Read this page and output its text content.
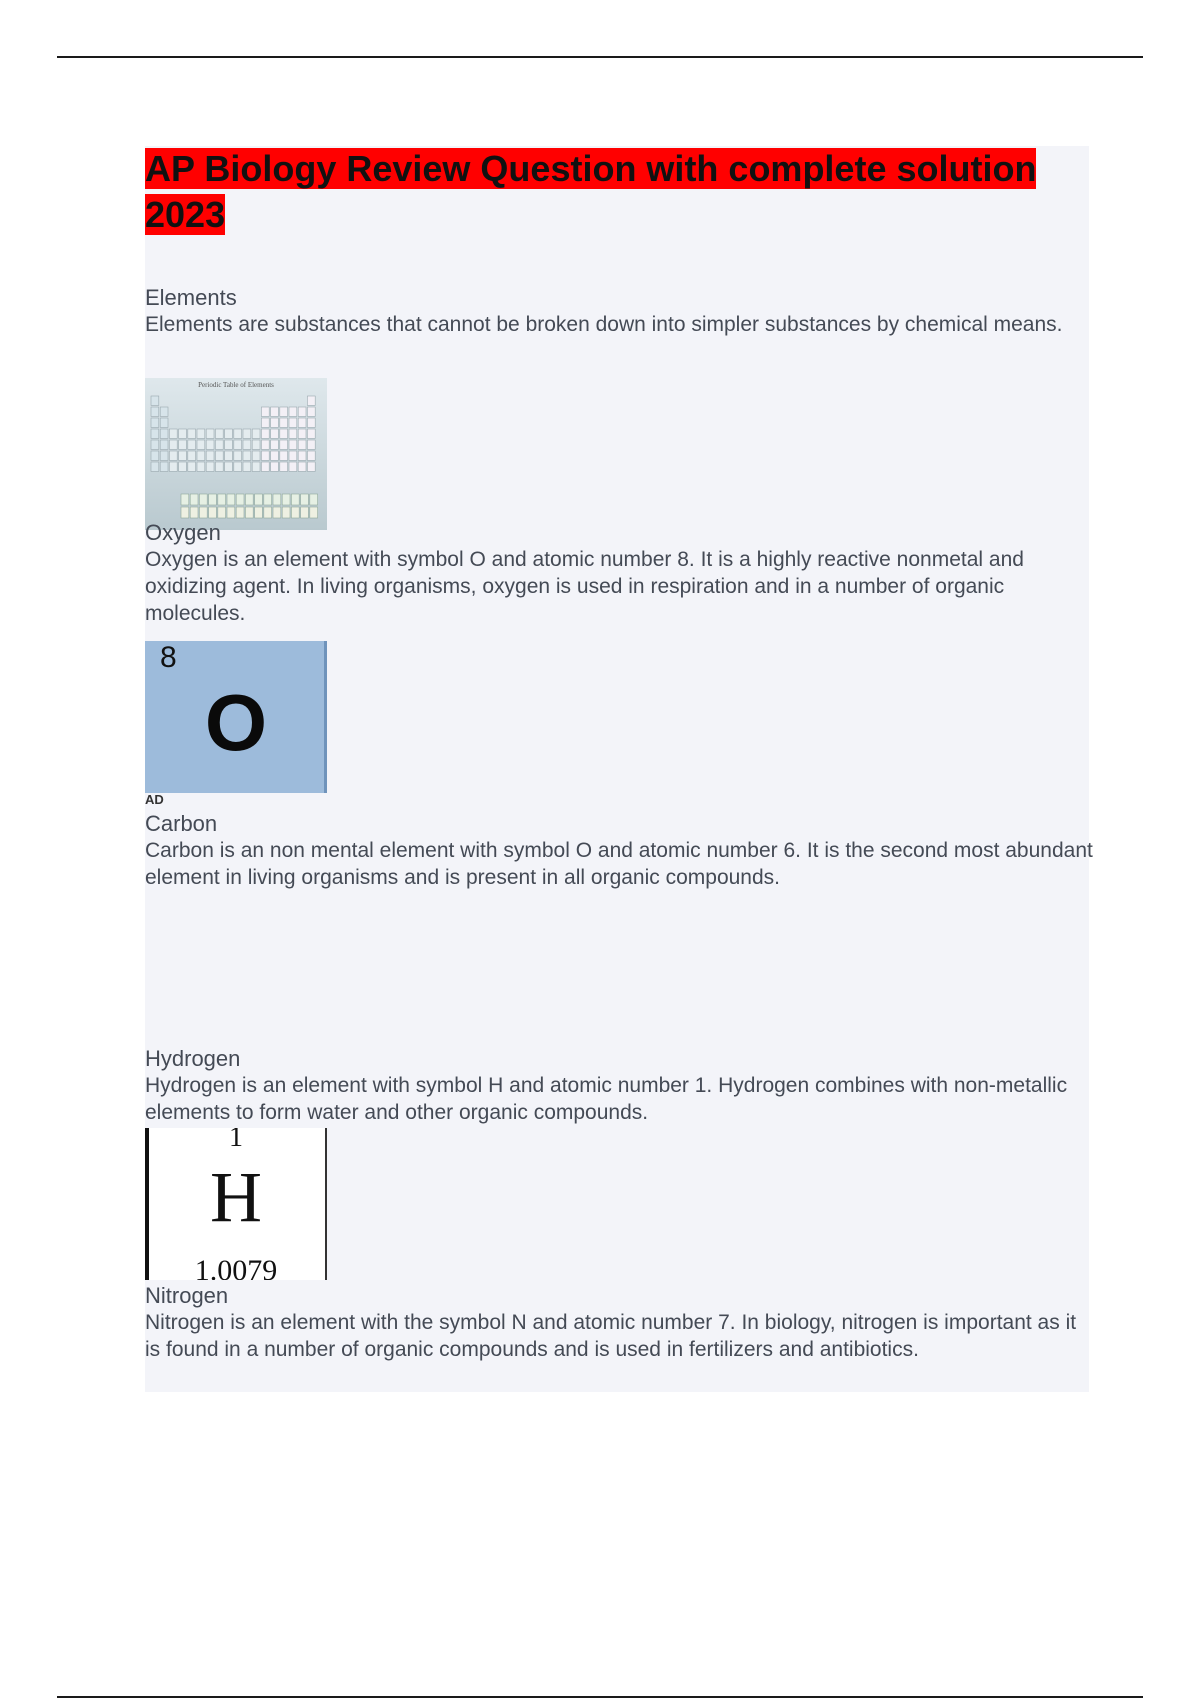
AP Biology Review Question with complete solution 2023

Elements

Elements are substances that cannot be broken down into simpler substances by chemical means.

Periodic Table of Elements

Oxygen

Oxygen is an element with symbol O and atomic number 8. It is a highly reactive nonmetal and oxidizing agent. In living organisms, oxygen is used in respiration and in a number of organic molecules.

8
O
AD

Carbon

Carbon is an non mental element with symbol O and atomic number 6. It is the second most abundant element in living organisms and is present in all organic compounds.

Hydrogen

Hydrogen is an element with symbol H and atomic number 1. Hydrogen combines with non-metallic elements to form water and other organic compounds.

1
H
1.0079

Nitrogen

Nitrogen is an element with the symbol N and atomic number 7. In biology, nitrogen is important as it is found in a number of organic compounds and is used in fertilizers and antibiotics.
